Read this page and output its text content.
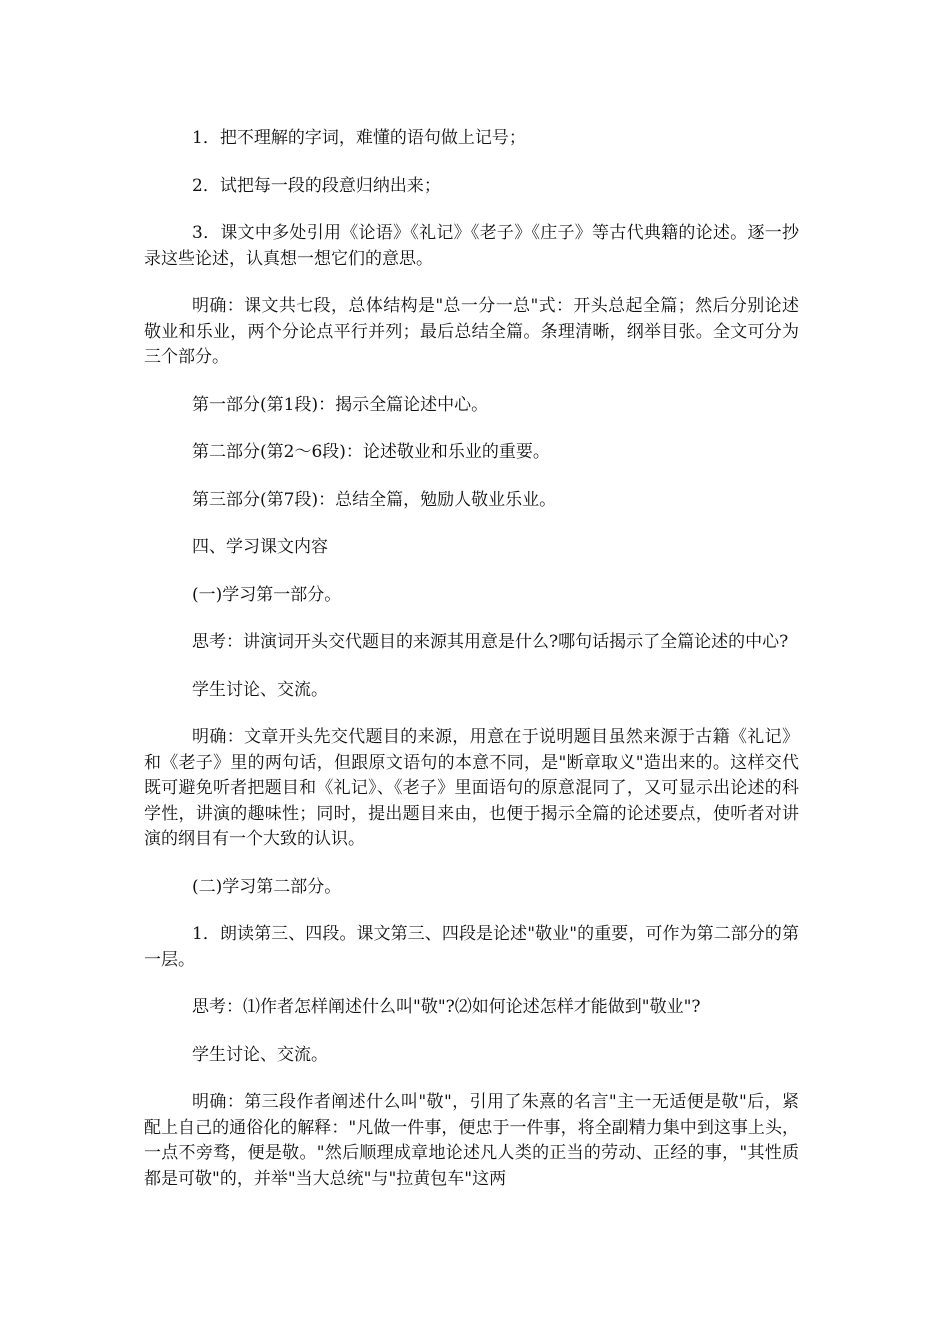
1．把不理解的字词，难懂的语句做上记号；

2．试把每一段的段意归纳出来；

3．课文中多处引用《论语》《礼记》《老子》《庄子》等古代典籍的论述。逐一抄录这些论述，认真想一想它们的意思。

明确：课文共七段，总体结构是"总一分一总"式：开头总起全篇；然后分别论述敬业和乐业，两个分论点平行并列；最后总结全篇。条理清晰，纲举目张。全文可分为三个部分。

第一部分(第1段)：揭示全篇论述中心。

第二部分(第2～6段)：论述敬业和乐业的重要。

第三部分(第7段)：总结全篇，勉励人敬业乐业。

四、学习课文内容

(一)学习第一部分。

思考：讲演词开头交代题目的来源其用意是什么?哪句话揭示了全篇论述的中心?

学生讨论、交流。

明确：文章开头先交代题目的来源，用意在于说明题目虽然来源于古籍《礼记》和《老子》里的两句话，但跟原文语句的本意不同，是"断章取义"造出来的。这样交代既可避免听者把题目和《礼记》、《老子》里面语句的原意混同了，又可显示出论述的科学性，讲演的趣味性；同时，提出题目来由，也便于揭示全篇的论述要点，使听者对讲演的纲目有一个大致的认识。

(二)学习第二部分。

1．朗读第三、四段。课文第三、四段是论述"敬业"的重要，可作为第二部分的第一层。

思考：⑴作者怎样阐述什么叫"敬"?⑵如何论述怎样才能做到"敬业"?

学生讨论、交流。

明确：第三段作者阐述什么叫"敬"，引用了朱熹的名言"主一无适便是敬"后，紧配上自己的通俗化的解释："凡做一件事，便忠于一件事，将全副精力集中到这事上头，一点不旁骛，便是敬。"然后顺理成章地论述凡人类的正当的劳动、正经的事，"其性质都是可敬"的，并举"当大总统"与"拉黄包车"这两
